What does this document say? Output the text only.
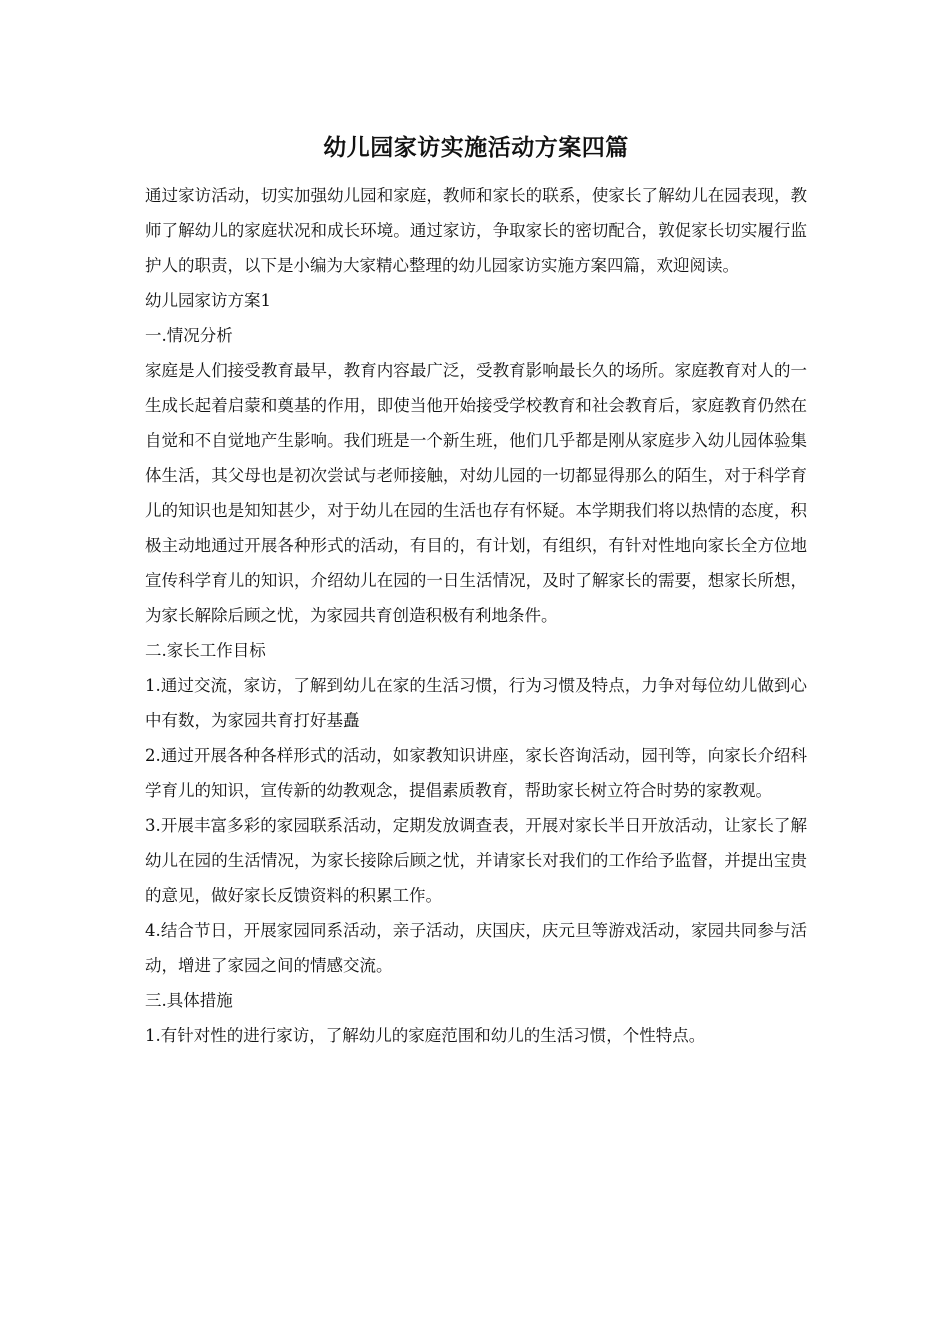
幼儿园家访实施活动方案四篇

通过家访活动，切实加强幼儿园和家庭，教师和家长的联系，使家长了解幼儿在园表现，教师了解幼儿的家庭状况和成长环境。通过家访，争取家长的密切配合，敦促家长切实履行监护人的职责，以下是小编为大家精心整理的幼儿园家访实施方案四篇，欢迎阅读。

幼儿园家访方案1

一.情况分析

家庭是人们接受教育最早，教育内容最广泛，受教育影响最长久的场所。家庭教育对人的一生成长起着启蒙和奠基的作用，即使当他开始接受学校教育和社会教育后，家庭教育仍然在自觉和不自觉地产生影响。我们班是一个新生班，他们几乎都是刚从家庭步入幼儿园体验集体生活，其父母也是初次尝试与老师接触，对幼儿园的一切都显得那么的陌生，对于科学育儿的知识也是知知甚少，对于幼儿在园的生活也存有怀疑。本学期我们将以热情的态度，积极主动地通过开展各种形式的活动，有目的，有计划，有组织，有针对性地向家长全方位地宣传科学育儿的知识，介绍幼儿在园的一日生活情况，及时了解家长的需要，想家长所想，为家长解除后顾之忧，为家园共育创造积极有利地条件。

二.家长工作目标

1.通过交流，家访，了解到幼儿在家的生活习惯，行为习惯及特点，力争对每位幼儿做到心中有数，为家园共育打好基矗

2.通过开展各种各样形式的活动，如家教知识讲座，家长咨询活动，园刊等，向家长介绍科学育儿的知识，宣传新的幼教观念，提倡素质教育，帮助家长树立符合时势的家教观。

3.开展丰富多彩的家园联系活动，定期发放调查表，开展对家长半日开放活动，让家长了解幼儿在园的生活情况，为家长接除后顾之忧，并请家长对我们的工作给予监督，并提出宝贵的意见，做好家长反馈资料的积累工作。

4.结合节日，开展家园同系活动，亲子活动，庆国庆，庆元旦等游戏活动，家园共同参与活动，增进了家园之间的情感交流。

三.具体措施

1.有针对性的进行家访，了解幼儿的家庭范围和幼儿的生活习惯，个性特点。
